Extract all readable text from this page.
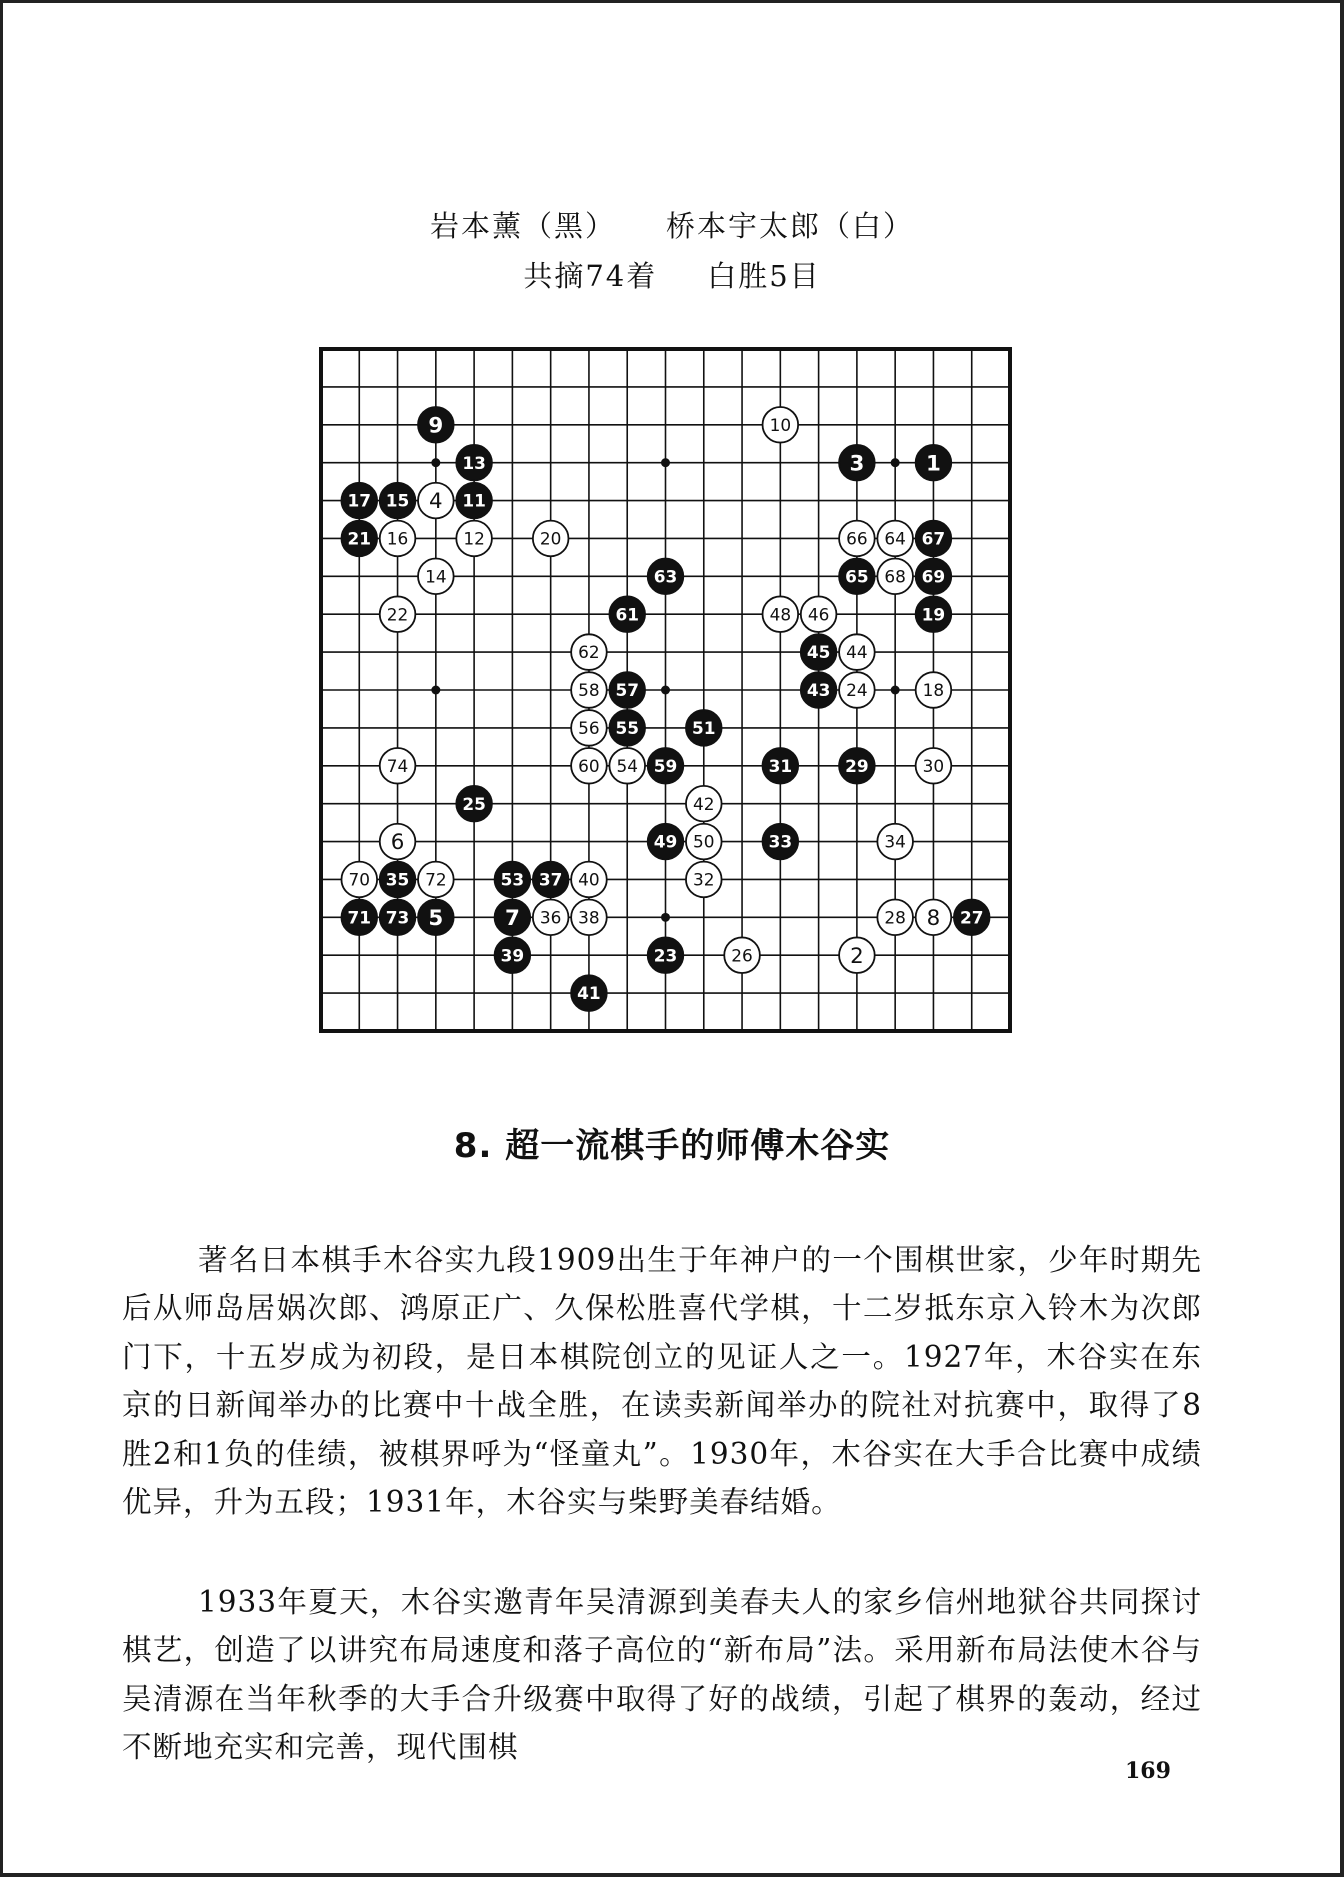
岩本薰（黑） 桥本宇太郎（白）
共摘74着 白胜5目
1
2
3
4
5
6
7	8
9	10
11
12
13
14
15
16
17
18
19
20
21
22
23
24
25
26
27
28
29	30
31
32
33	34
35
36
37
38
39
40
41
42
43
44
45
46
48
49 50
51
53
54
55
56
57
58
59
60
61
62
63
64
65
66	67
68 69
70
71
72
73
74
8. 超一流棋手的师傅木谷实

著名日本棋手木谷实九段1909出生于年神户的一个围棋世家，少年时期先后从师岛居娲次郎、鸿原正广、久保松胜喜代学棋，十二岁抵东京入铃木为次郎门下，十五岁成为初段，是日本棋院创立的见证人之一。1927年，木谷实在东京的日新闻举办的比赛中十战全胜，在读卖新闻举办的院社对抗赛中，取得了8胜2和1负的佳绩，被棋界呼为“怪童丸”。1930年，木谷实在大手合比赛中成绩优异，升为五段；1931年，木谷实与柴野美春结婚。

1933年夏天，木谷实邀青年吴清源到美春夫人的家乡信州地狱谷共同探讨棋艺，创造了以讲究布局速度和落子高位的“新布局”法。采用新布局法使木谷与吴清源在当年秋季的大手合升级赛中取得了好的战绩，引起了棋界的轰动，经过不断地充实和完善，现代围棋

169
